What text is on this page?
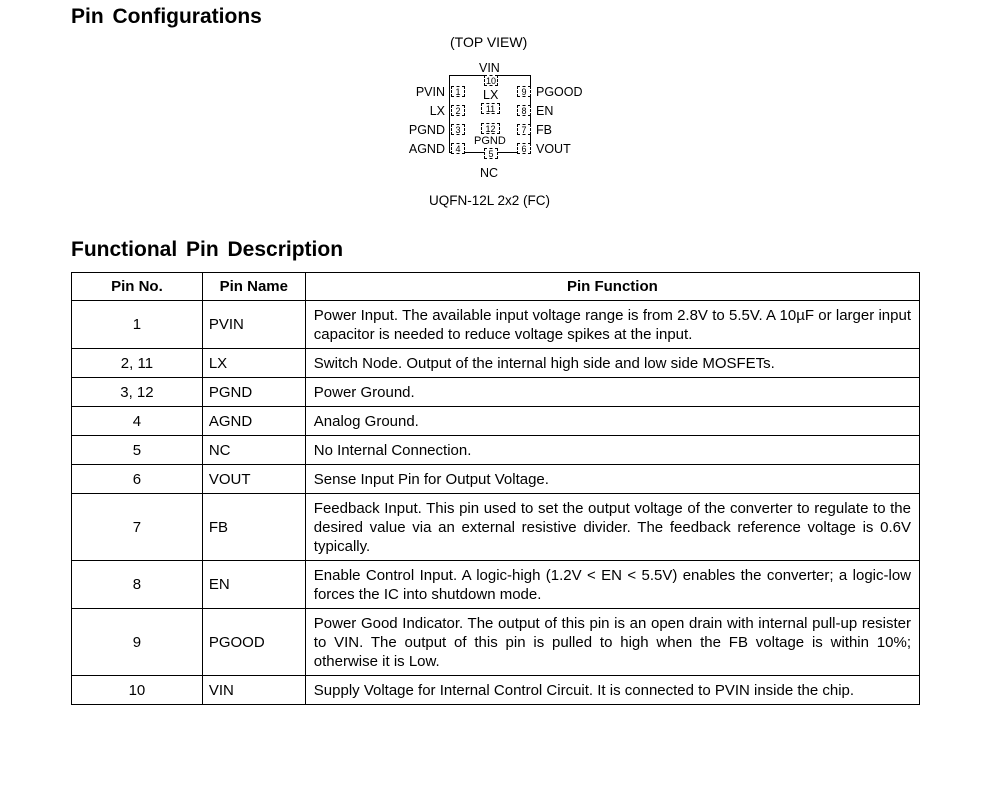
Pin Configurations
(TOP VIEW)
VIN
10
LX
11
12
PGND
5
1
2
3
4
9
8
7
6
PVIN
LX
PGND
AGND
PGOOD
EN
FB
VOUT
NC
UQFN-12L 2x2 (FC)
Functional Pin Description
Pin No.	Pin Name	Pin Function
1	PVIN	Power Input. The available input voltage range is from 2.8V to 5.5V. A 10µF or larger input capacitor is needed to reduce voltage spikes at the input.
2, 11	LX	Switch Node. Output of the internal high side and low side MOSFETs.
3, 12	PGND	Power Ground.
4	AGND	Analog Ground.
5	NC	No Internal Connection.
6	VOUT	Sense Input Pin for Output Voltage.
7	FB	Feedback Input. This pin used to set the output voltage of the converter to regulate to the desired value via an external resistive divider. The feedback reference voltage is 0.6V typically.
8	EN	Enable Control Input. A logic-high (1.2V < EN < 5.5V) enables the converter; a logic-low forces the IC into shutdown mode.
9	PGOOD	Power Good Indicator. The output of this pin is an open drain with internal pull-up resister to VIN. The output of this pin is pulled to high when the FB voltage is within 10%; otherwise it is Low.
10	VIN	Supply Voltage for Internal Control Circuit. It is connected to PVIN inside the chip.
